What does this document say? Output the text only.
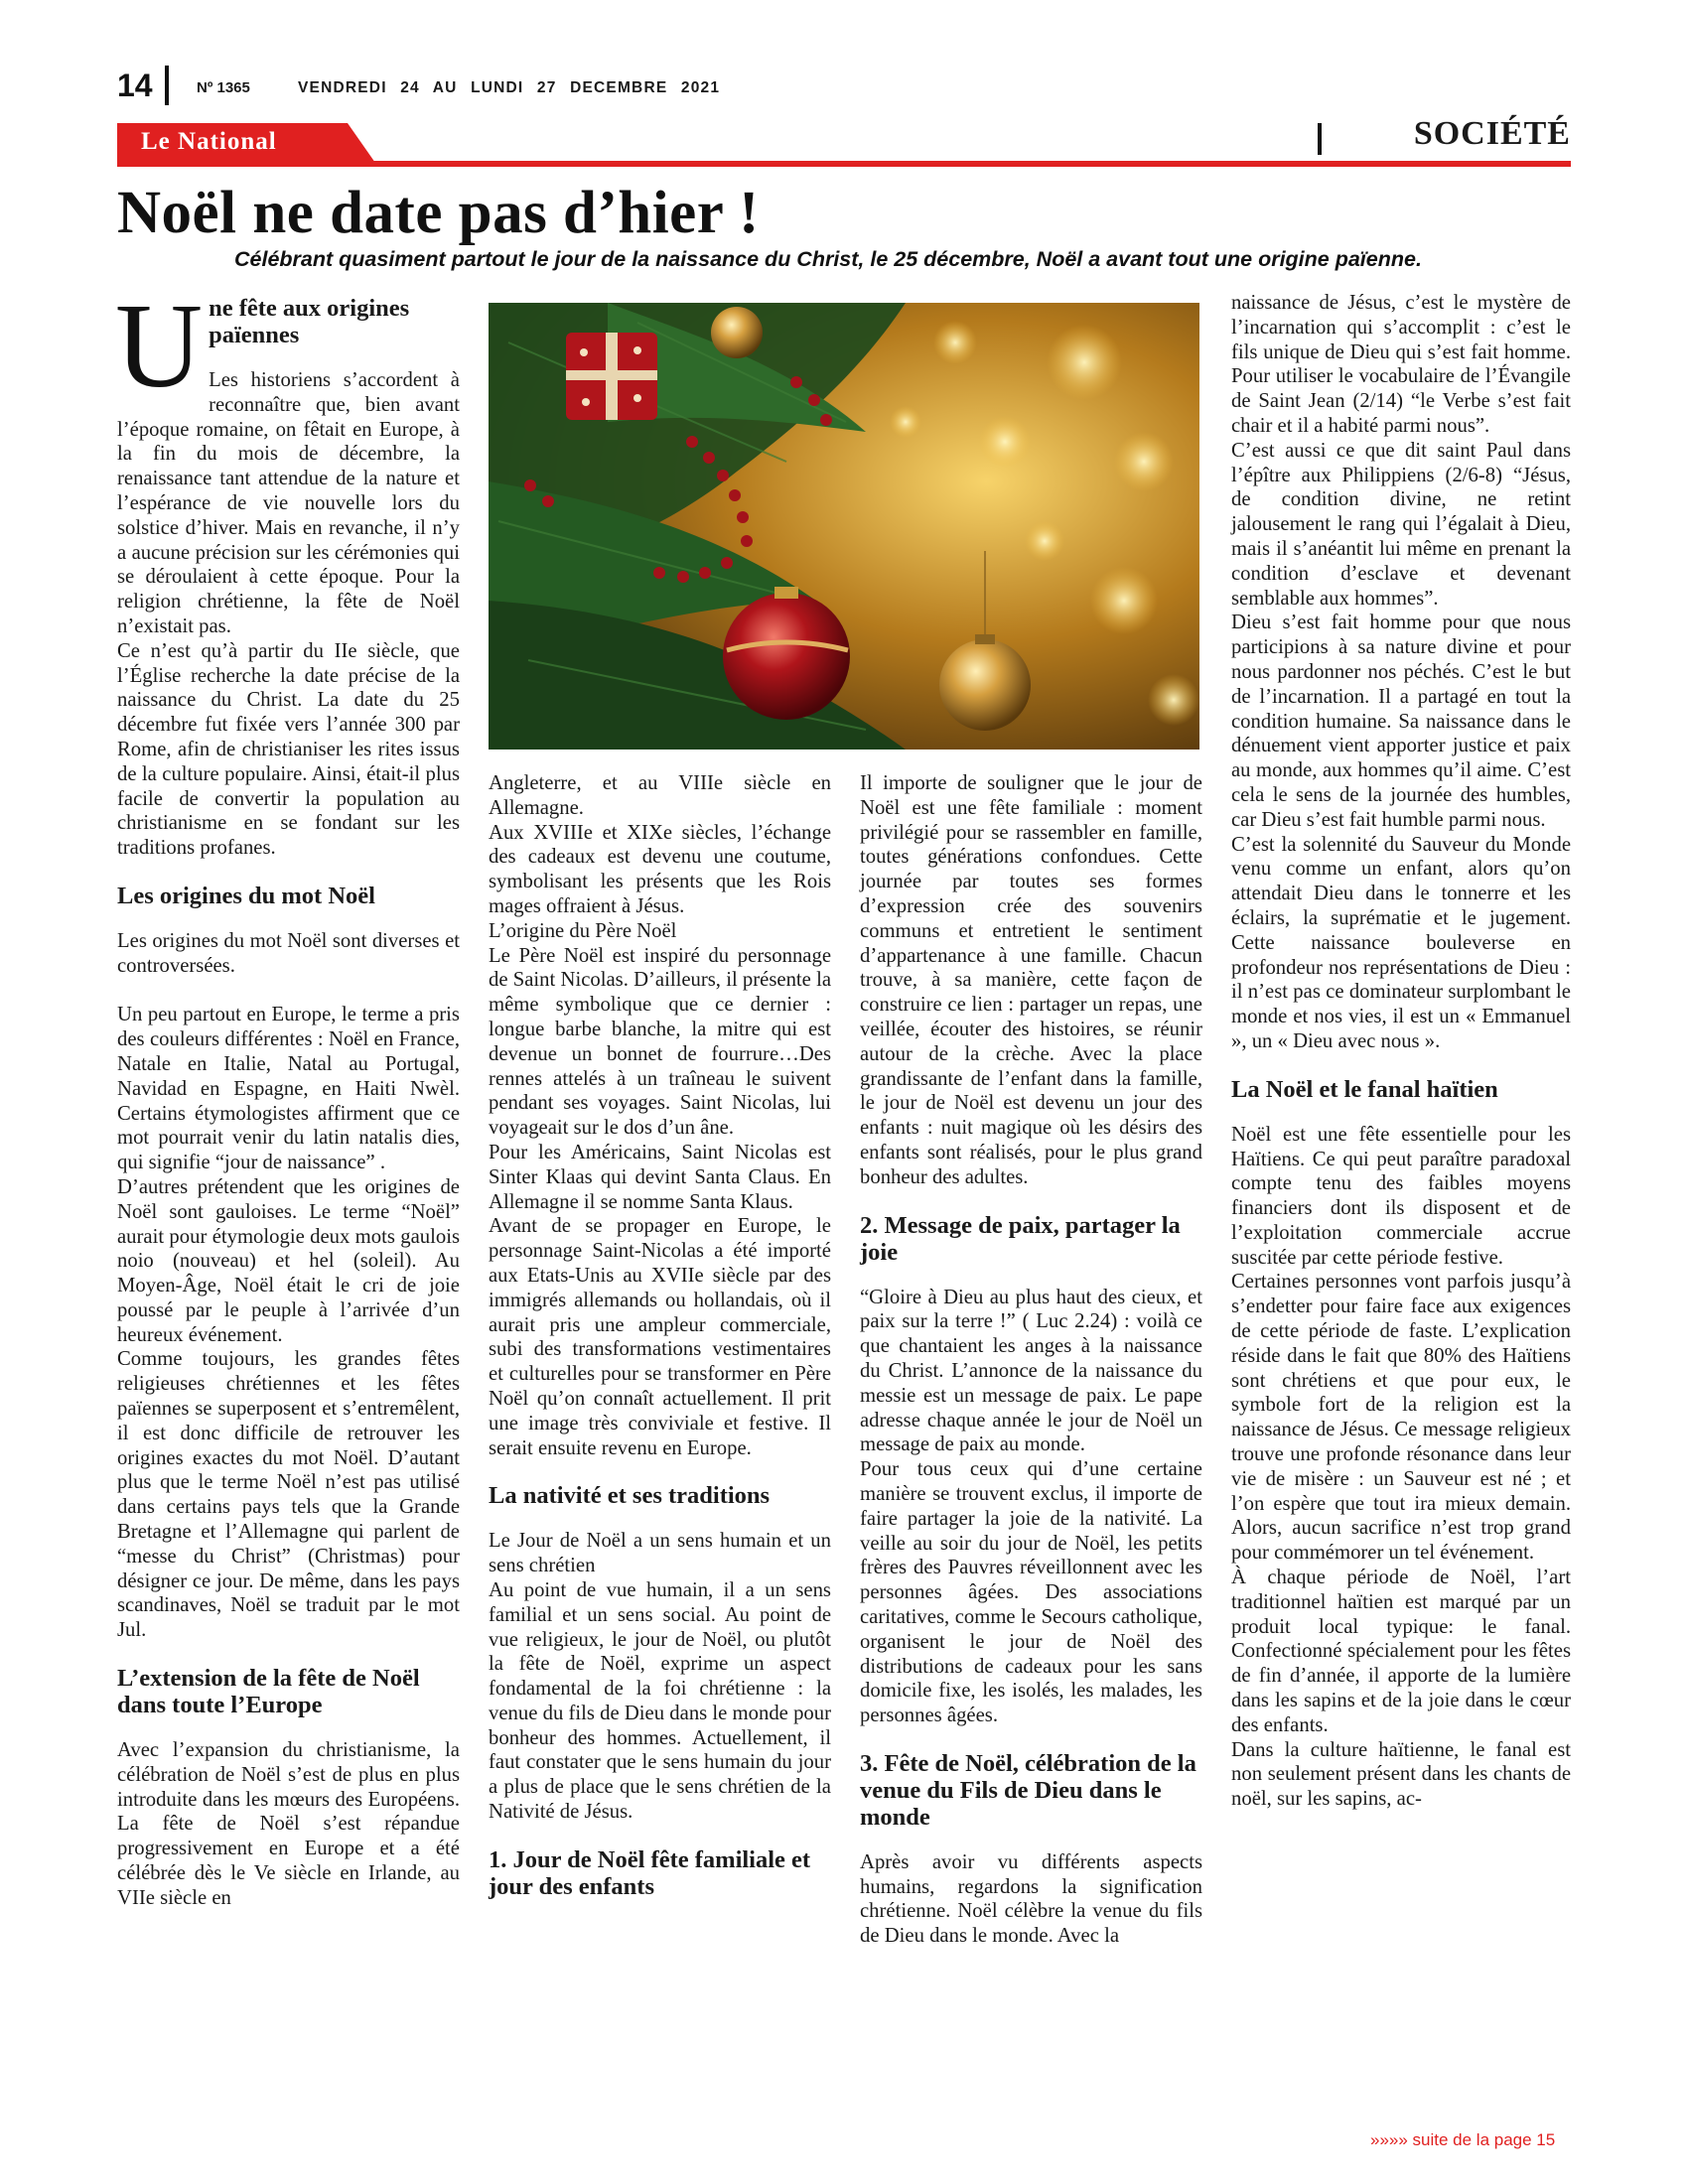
14	Nº 1365	VENDREDI 24 AU LUNDI 27 DECEMBRE 2021
Le National	SOCIÉTÉ
Noël ne date pas d’hier !
Célébrant quasiment partout le jour de la naissance du Christ, le 25 décembre, Noël a avant tout une origine païenne.
U ne fête aux origines païennes

Les historiens s’accordent à reconnaître que, bien avant l’époque romaine, on fêtait en Europe, à la fin du mois de décembre, la renaissance tant attendue de la nature et l’espérance de vie nouvelle lors du solstice d’hiver. Mais en revanche, il n’y a aucune précision sur les cérémonies qui se déroulaient à cette époque. Pour la religion chrétienne, la fête de Noël n’existait pas.

Ce n’est qu’à partir du IIe siècle, que l’Église recherche la date précise de la naissance du Christ. La date du 25 décembre fut fixée vers l’année 300 par Rome, afin de christianiser les rites issus de la culture populaire. Ainsi, était-il plus facile de convertir la population au christianisme en se fondant sur les traditions profanes.

Les origines du mot Noël

Les origines du mot Noël sont diverses et controversées.

Un peu partout en Europe, le terme a pris des couleurs différentes : Noël en France, Natale en Italie, Natal au Portugal, Navidad en Espagne, en Haiti Nwèl. Certains étymologistes affirment que ce mot pourrait venir du latin natalis dies, qui signifie “jour de naissance” .

D’autres prétendent que les origines de Noël sont gauloises. Le terme “Noël” aurait pour étymologie deux mots gaulois noio (nouveau) et hel (soleil). Au Moyen-Âge, Noël était le cri de joie poussé par le peuple à l’arrivée d’un heureux événement.

Comme toujours, les grandes fêtes religieuses chrétiennes et les fêtes païennes se superposent et s’entremêlent, il est donc difficile de retrouver les origines exactes du mot Noël. D’autant plus que le terme Noël n’est pas utilisé dans certains pays tels que la Grande Bretagne et l’Allemagne qui parlent de “messe du Christ” (Christmas) pour désigner ce jour. De même, dans les pays scandinaves, Noël se traduit par le mot Jul.

L’extension de la fête de Noël dans toute l’Europe

Avec l’expansion du christianisme, la célébration de Noël s’est de plus en plus introduite dans les mœurs des Européens. La fête de Noël s’est répandue progressivement en Europe et a été célébrée dès le Ve siècle en Irlande, au VIIe siècle en

Angleterre, et au VIIIe siècle en Allemagne.

Aux XVIIIe et XIXe siècles, l’échange des cadeaux est devenu une coutume, symbolisant les présents que les Rois mages offraient à Jésus.

L’origine du Père Noël

Le Père Noël est inspiré du personnage de Saint Nicolas. D’ailleurs, il présente la même symbolique que ce dernier : longue barbe blanche, la mitre qui est devenue un bonnet de fourrure…Des rennes attelés à un traîneau le suivent pendant ses voyages. Saint Nicolas, lui voyageait sur le dos d’un âne.

Pour les Américains, Saint Nicolas est Sinter Klaas qui devint Santa Claus. En Allemagne il se nomme Santa Klaus.

Avant de se propager en Europe, le personnage Saint-Nicolas a été importé aux Etats-Unis au XVIIe siècle par des immigrés allemands ou hollandais, où il aurait pris une ampleur commerciale, subi des transformations vestimentaires et culturelles pour se transformer en Père Noël qu’on connaît actuellement. Il prit une image très conviviale et festive. Il serait ensuite revenu en Europe.

La nativité et ses traditions

Le Jour de Noël a un sens humain et un sens chrétien

Au point de vue humain, il a un sens familial et un sens social. Au point de vue religieux, le jour de Noël, ou plutôt la fête de Noël, exprime un aspect fondamental de la foi chrétienne : la venue du fils de Dieu dans le monde pour bonheur des hommes. Actuellement, il faut constater que le sens humain du jour a plus de place que le sens chrétien de la Nativité de Jésus.

1. Jour de Noël fête familiale et jour des enfants

Il importe de souligner que le jour de Noël est une fête familiale : moment privilégié pour se rassembler en famille, toutes générations confondues. Cette journée par toutes ses formes d’expression crée des souvenirs communs et entretient le sentiment d’appartenance à une famille. Chacun trouve, à sa manière, cette façon de construire ce lien : partager un repas, une veillée, écouter des histoires, se réunir autour de la crèche. Avec la place grandissante de l’enfant dans la famille, le jour de Noël est devenu un jour des enfants : nuit magique où les désirs des enfants sont réalisés, pour le plus grand bonheur des adultes.

2. Message de paix, partager la joie

“Gloire à Dieu au plus haut des cieux, et paix sur la terre !” ( Luc 2.24) : voilà ce que chantaient les anges à la naissance du Christ. L’annonce de la naissance du messie est un message de paix. Le pape adresse chaque année le jour de Noël un message de paix au monde.

Pour tous ceux qui d’une certaine manière se trouvent exclus, il importe de faire partager la joie de la nativité. La veille au soir du jour de Noël, les petits frères des Pauvres réveillonnent avec les personnes âgées. Des associations caritatives, comme le Secours catholique, organisent le jour de Noël des distributions de cadeaux pour les sans domicile fixe, les isolés, les malades, les personnes âgées.

3. Fête de Noël, célébration de la venue du Fils de Dieu dans le monde

Après avoir vu différents aspects humains, regardons la signification chrétienne. Noël célèbre la venue du fils de Dieu dans le monde. Avec la

naissance de Jésus, c’est le mystère de l’incarnation qui s’accomplit : c’est le fils unique de Dieu qui s’est fait homme. Pour utiliser le vocabulaire de l’Évangile de Saint Jean (2/14) “le Verbe s’est fait chair et il a habité parmi nous”.

C’est aussi ce que dit saint Paul dans l’épître aux Philippiens (2/6-8) “Jésus, de condition divine, ne retint jalousement le rang qui l’égalait à Dieu, mais il s’anéantit lui même en prenant la condition d’esclave et devenant semblable aux hommes”.

Dieu s’est fait homme pour que nous participions à sa nature divine et pour nous pardonner nos péchés. C’est le but de l’incarnation. Il a partagé en tout la condition humaine. Sa naissance dans le dénuement vient apporter justice et paix au monde, aux hommes qu’il aime. C’est cela le sens de la journée des humbles, car Dieu s’est fait humble parmi nous.

C’est la solennité du Sauveur du Monde venu comme un enfant, alors qu’on attendait Dieu dans le tonnerre et les éclairs, la suprématie et le jugement. Cette naissance bouleverse en profondeur nos représentations de Dieu : il n’est pas ce dominateur surplombant le monde et nos vies, il est un « Emmanuel », un « Dieu avec nous ».

La Noël et le fanal haïtien

Noël est une fête essentielle pour les Haïtiens. Ce qui peut paraître paradoxal compte tenu des faibles moyens financiers dont ils disposent et de l’exploitation commerciale accrue suscitée par cette période festive.

Certaines personnes vont parfois jusqu’à s’endetter pour faire face aux exigences de cette période de faste. L’explication réside dans le fait que 80% des Haïtiens sont chrétiens et que pour eux, le symbole fort de la religion est la naissance de Jésus. Ce message religieux trouve une profonde résonance dans leur vie de misère : un Sauveur est né ; et l’on espère que tout ira mieux demain. Alors, aucun sacrifice n’est trop grand pour commémorer un tel événement.

À chaque période de Noël, l’art traditionnel haïtien est marqué par un produit local typique: le fanal. Confectionné spécialement pour les fêtes de fin d’année, il apporte de la lumière dans les sapins et de la joie dans le cœur des enfants.

Dans la culture haïtienne, le fanal est non seulement présent dans les chants de noël, sur les sapins, ac-

»»»» suite de la page 15
